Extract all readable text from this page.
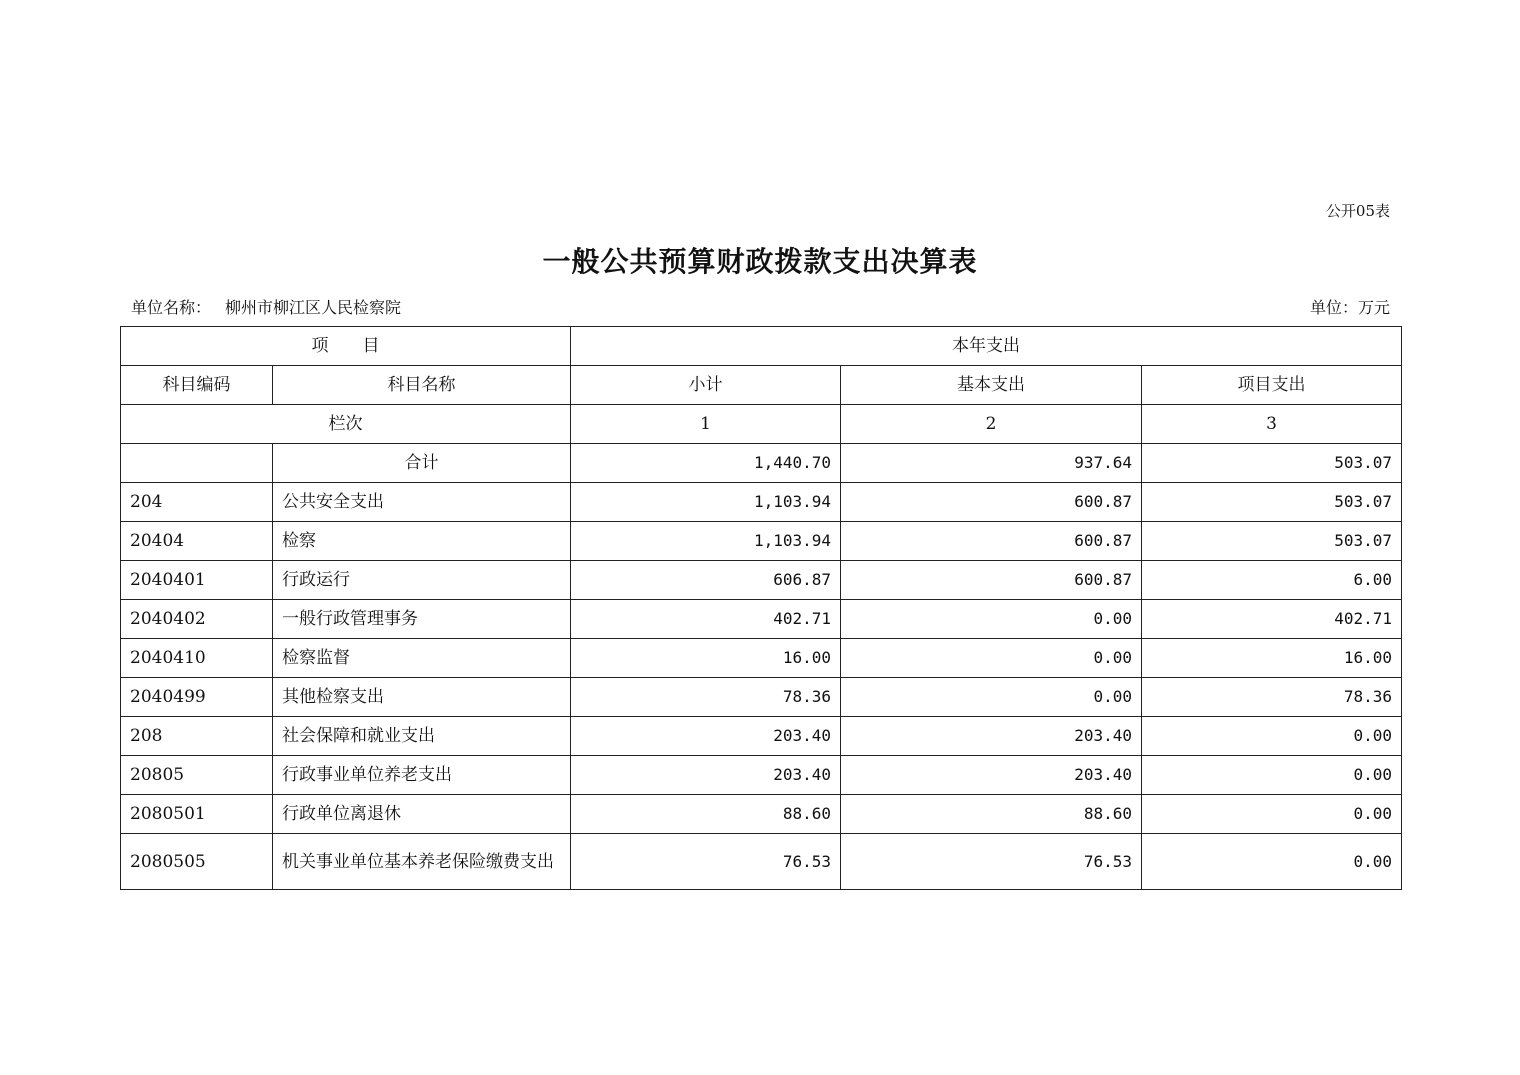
公开05表
一般公共预算财政拨款支出决算表
单位名称： 柳州市柳江区人民检察院	单位：万元
项　　目		本年支出		
科目编码	科目名称	小计	基本支出	项目支出
栏次		1	2	3
	合计	1,440.70	937.64	503.07
204	公共安全支出	1,103.94	600.87	503.07
20404	检察	1,103.94	600.87	503.07
2040401	行政运行	606.87	600.87	6.00
2040402	一般行政管理事务	402.71	0.00	402.71
2040410	检察监督	16.00	0.00	16.00
2040499	其他检察支出	78.36	0.00	78.36
208	社会保障和就业支出	203.40	203.40	0.00
20805	行政事业单位养老支出	203.40	203.40	0.00
2080501	行政单位离退休	88.60	88.60	0.00
2080505	机关事业单位基本养老保险缴费支出	76.53	76.53	0.00
